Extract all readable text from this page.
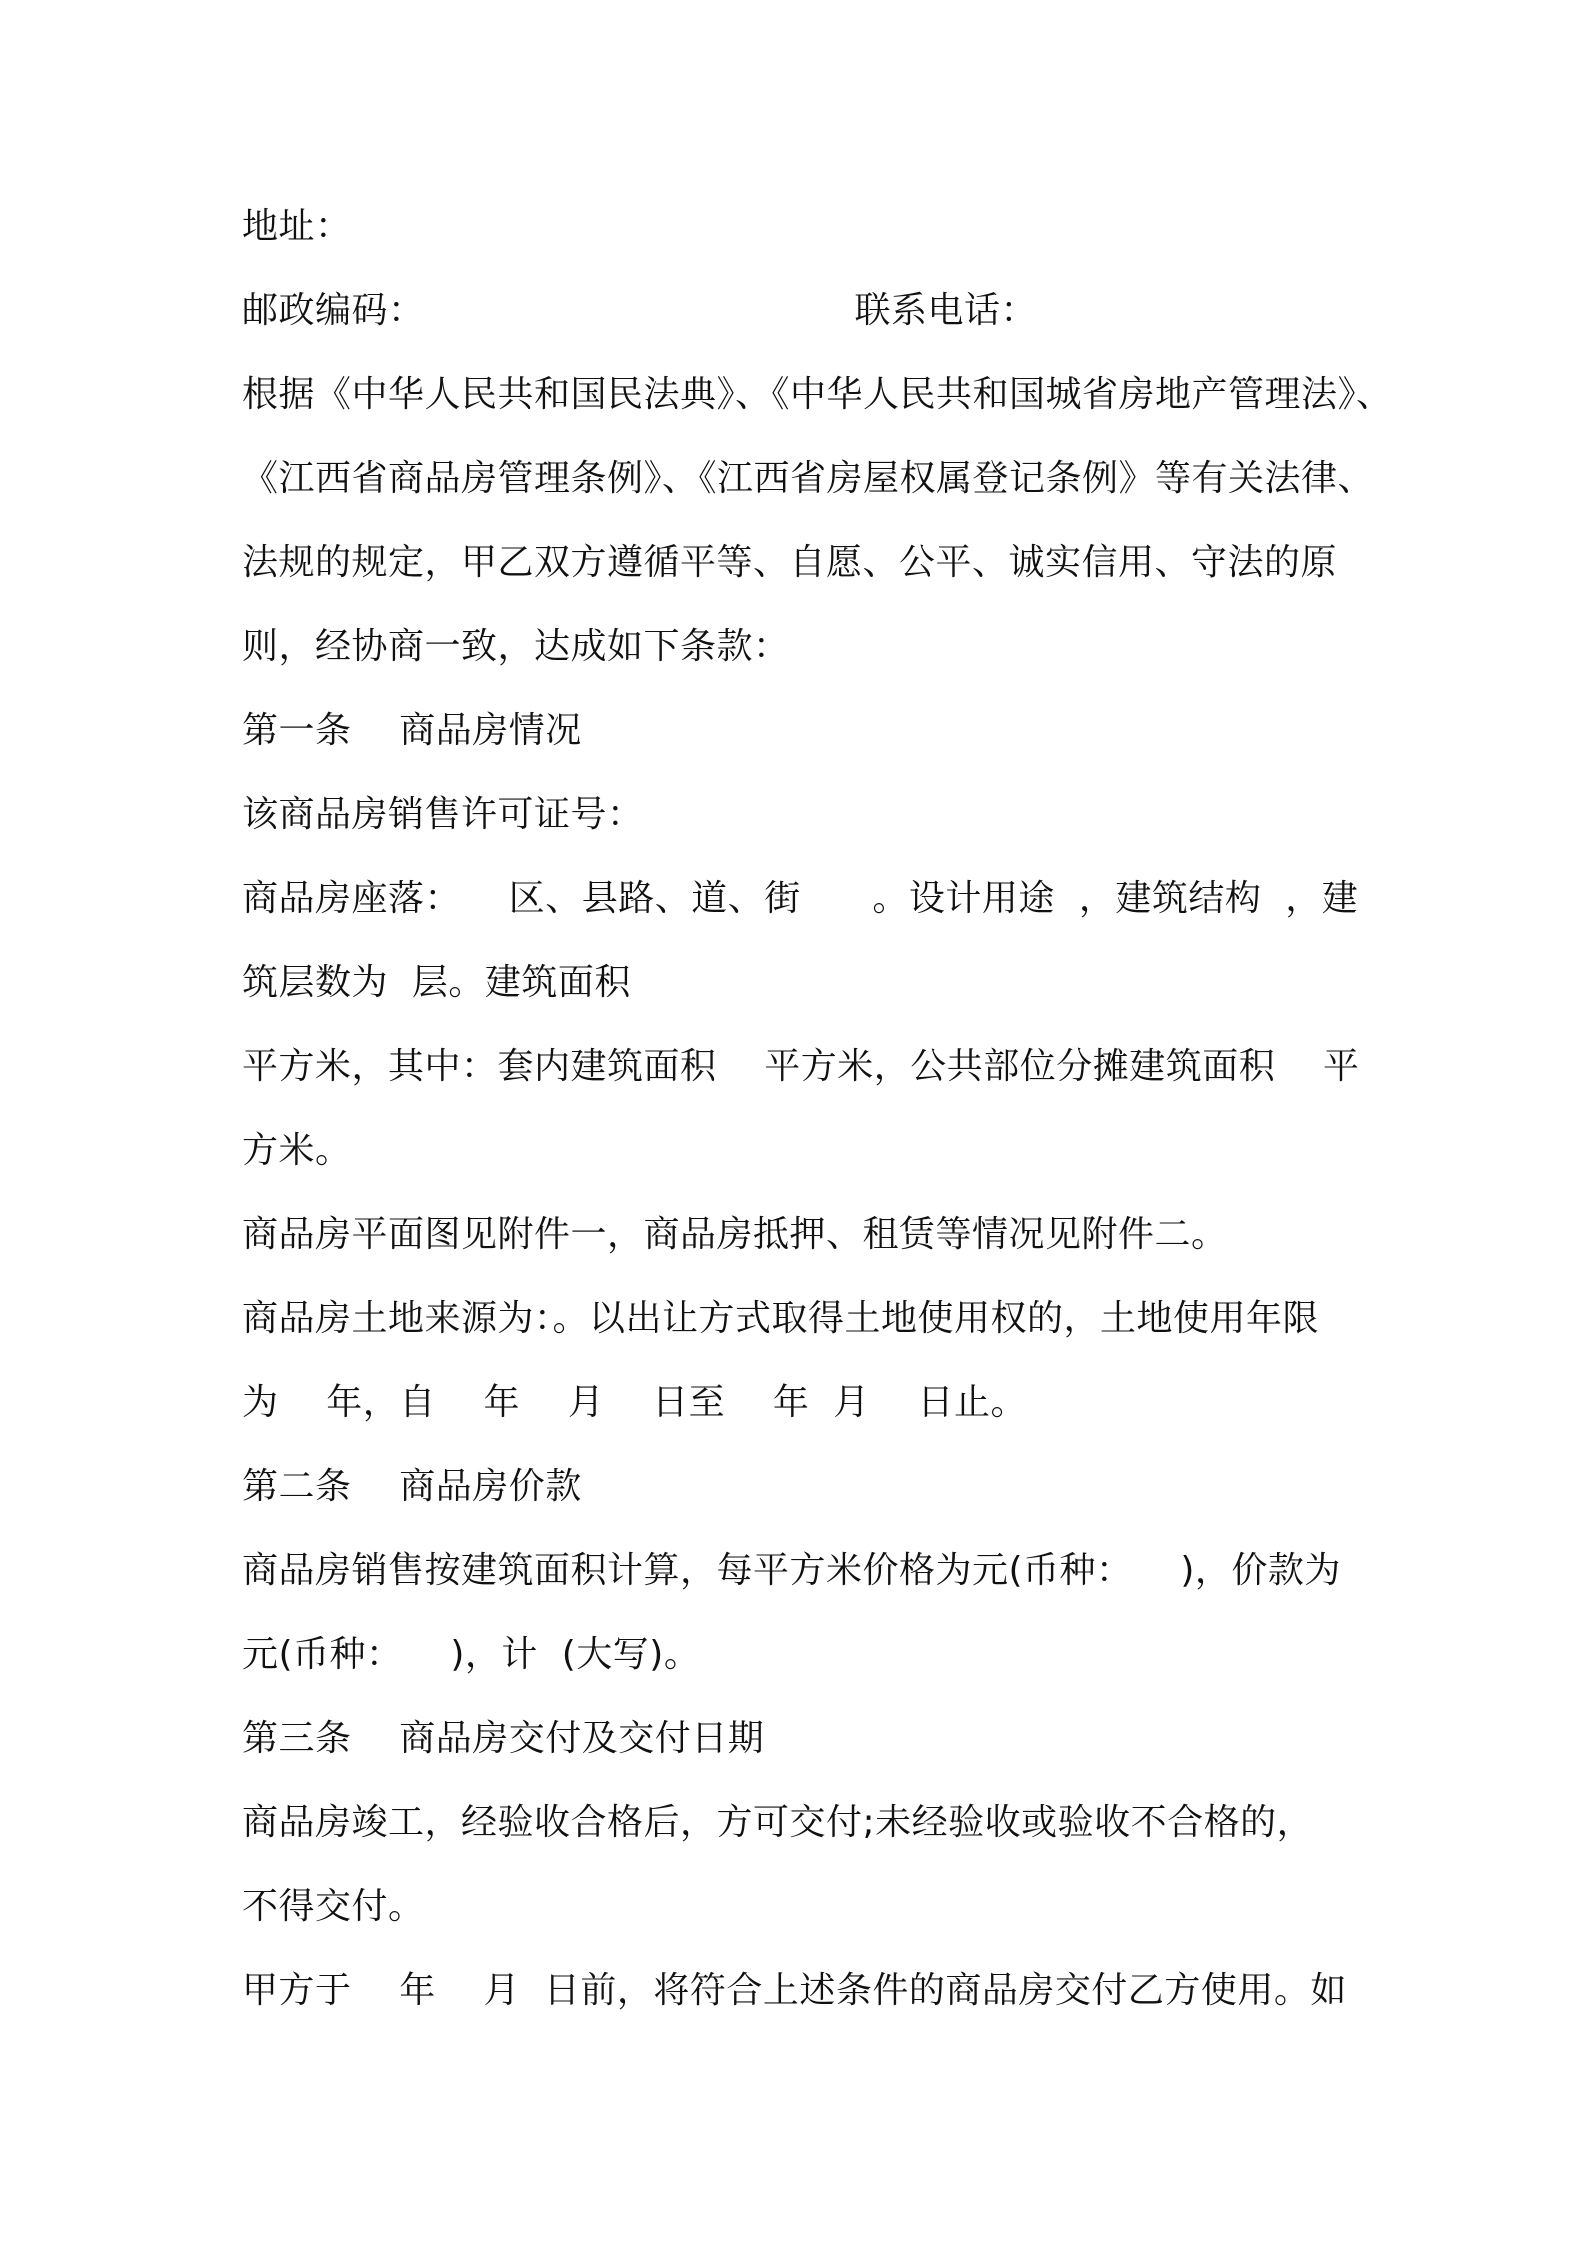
地址：

邮政编码：                                    联系电话：

根据《中华人民共和国民法典》、《中华人民共和国城省房地产管理法》、

《江西省商品房管理条例》、《江西省房屋权属登记条例》等有关法律、

法规的规定，甲乙双方遵循平等、自愿、公平、诚实信用、守法的原

则，经协商一致，达成如下条款：

第一条    商品房情况

该商品房销售许可证号：

商品房座落：    区、县路、道、街      。设计用途  ，建筑结构  ，建

筑层数为  层。建筑面积

平方米，其中：套内建筑面积    平方米，公共部位分摊建筑面积    平

方米。

商品房平面图见附件一，商品房抵押、租赁等情况见附件二。

商品房土地来源为：。以出让方式取得土地使用权的，土地使用年限

为    年，自    年    月    日至    年  月    日止。

第二条    商品房价款

商品房销售按建筑面积计算，每平方米价格为元(币种：    )，价款为

元(币种：    )，计  (大写)。

第三条    商品房交付及交付日期

商品房竣工，经验收合格后，方可交付;未经验收或验收不合格的，

不得交付。

甲方于    年    月  日前，将符合上述条件的商品房交付乙方使用。如
